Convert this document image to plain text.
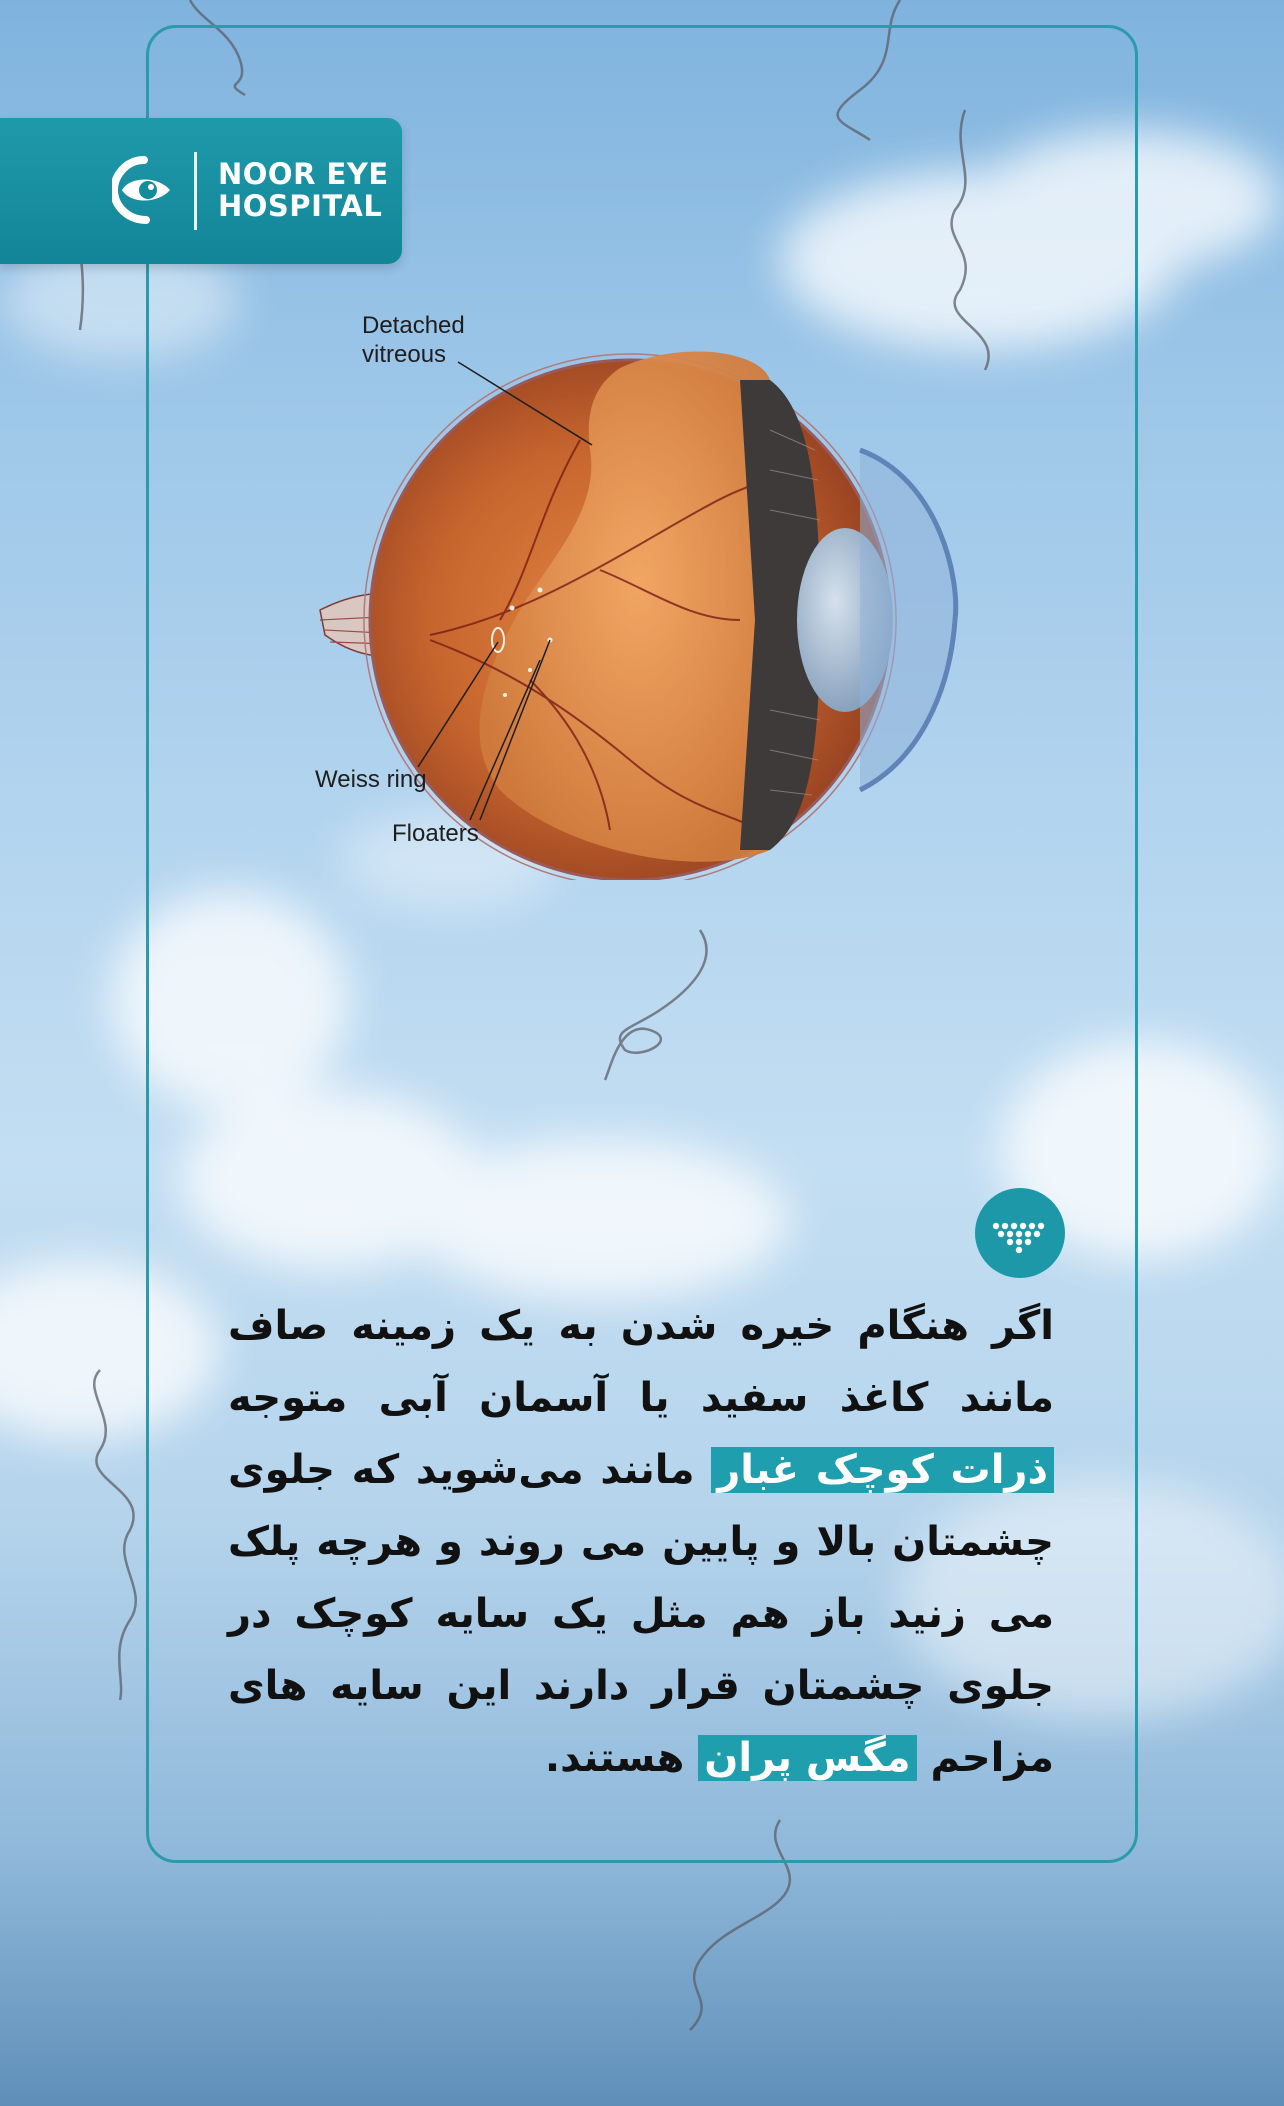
NOOR EYE
HOSPITAL
Detached
vitreous
Weiss ring
Floaters
اگر هنگام خیره شدن به یک زمینه صاف مانند کاغذ سفید یا آسمان آبی متوجه ذرات کوچک غبار مانند می‌شوید که جلوی چشمتان بالا و پایین می روند و هرچه پلک می زنید باز هم مثل یک سایه کوچک در جلوی چشمتان قرار دارند این سایه های مزاحم مگس پران هستند.
